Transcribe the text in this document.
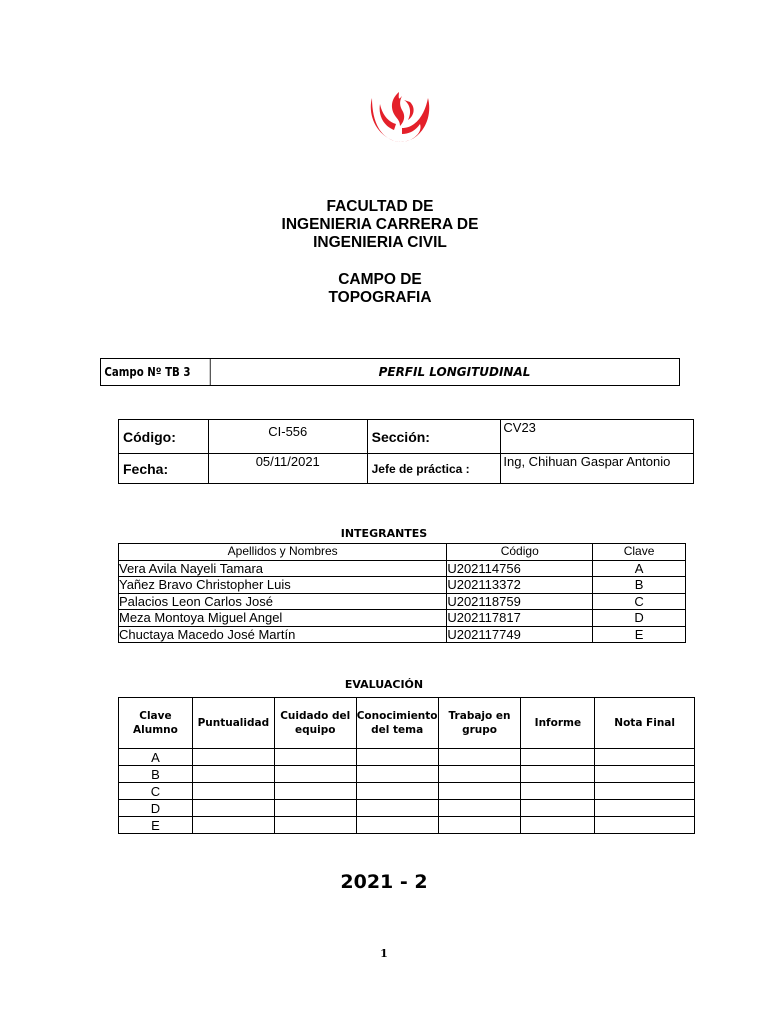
FACULTAD DE
INGENIERIA CARRERA DE
INGENIERIA CIVIL
CAMPO DE
TOPOGRAFIA
Campo Nº TB 3	PERFIL LONGITUDINAL
Código:	CI-556	Sección:	CV23
Fecha:	05/11/2021	Jefe de práctica :	Ing, Chihuan Gaspar Antonio
INTEGRANTES
Apellidos y Nombres	Código	Clave
Vera Avila Nayeli Tamara	U202114756	A
Yañez Bravo Christopher Luis	U202113372	B
Palacios Leon Carlos José	U202118759	C
Meza Montoya Miguel Angel	U202117817	D
Chuctaya Macedo José Martín	U202117749	E
EVALUACIÓN
Clave Alumno	Puntualidad	Cuidado del equipo	Conocimiento del tema	Trabajo en grupo	Informe	Nota Final
A						
B						
C						
D						
E						
2021 - 2
1
